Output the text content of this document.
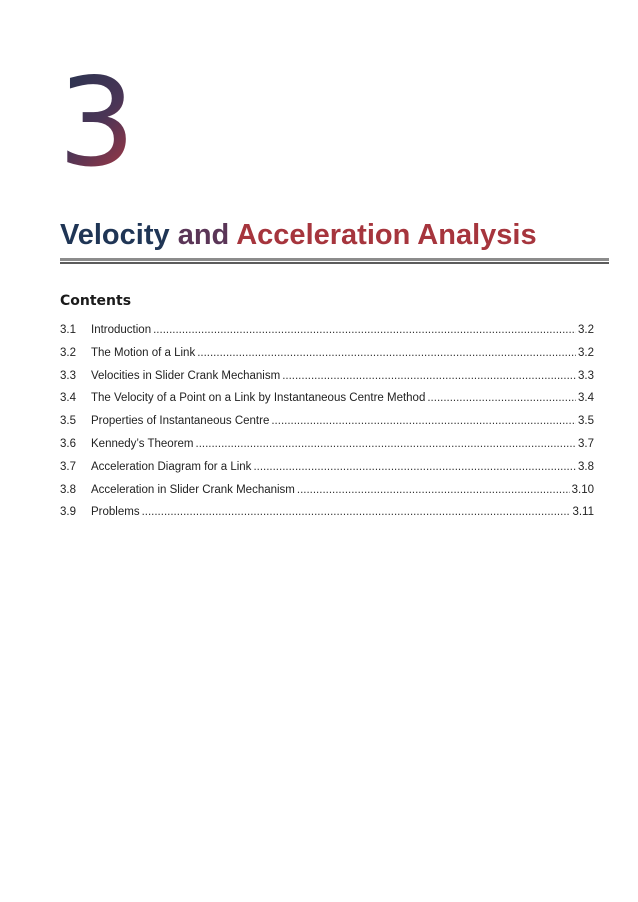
3
Velocity and Acceleration Analysis
Contents
3.1	Introduction .....	3.2
3.2	The Motion of a Link .....	3.2
3.3	Velocities in Slider Crank Mechanism .....	3.3
3.4	The Velocity of a Point on a Link by Instantaneous Centre Method .....	3.4
3.5	Properties of Instantaneous Centre .....	3.5
3.6	Kennedy’s Theorem .....	3.7
3.7	Acceleration Diagram for a Link .....	3.8
3.8	Acceleration in Slider Crank Mechanism .....	3.10
3.9	Problems .....	3.11
